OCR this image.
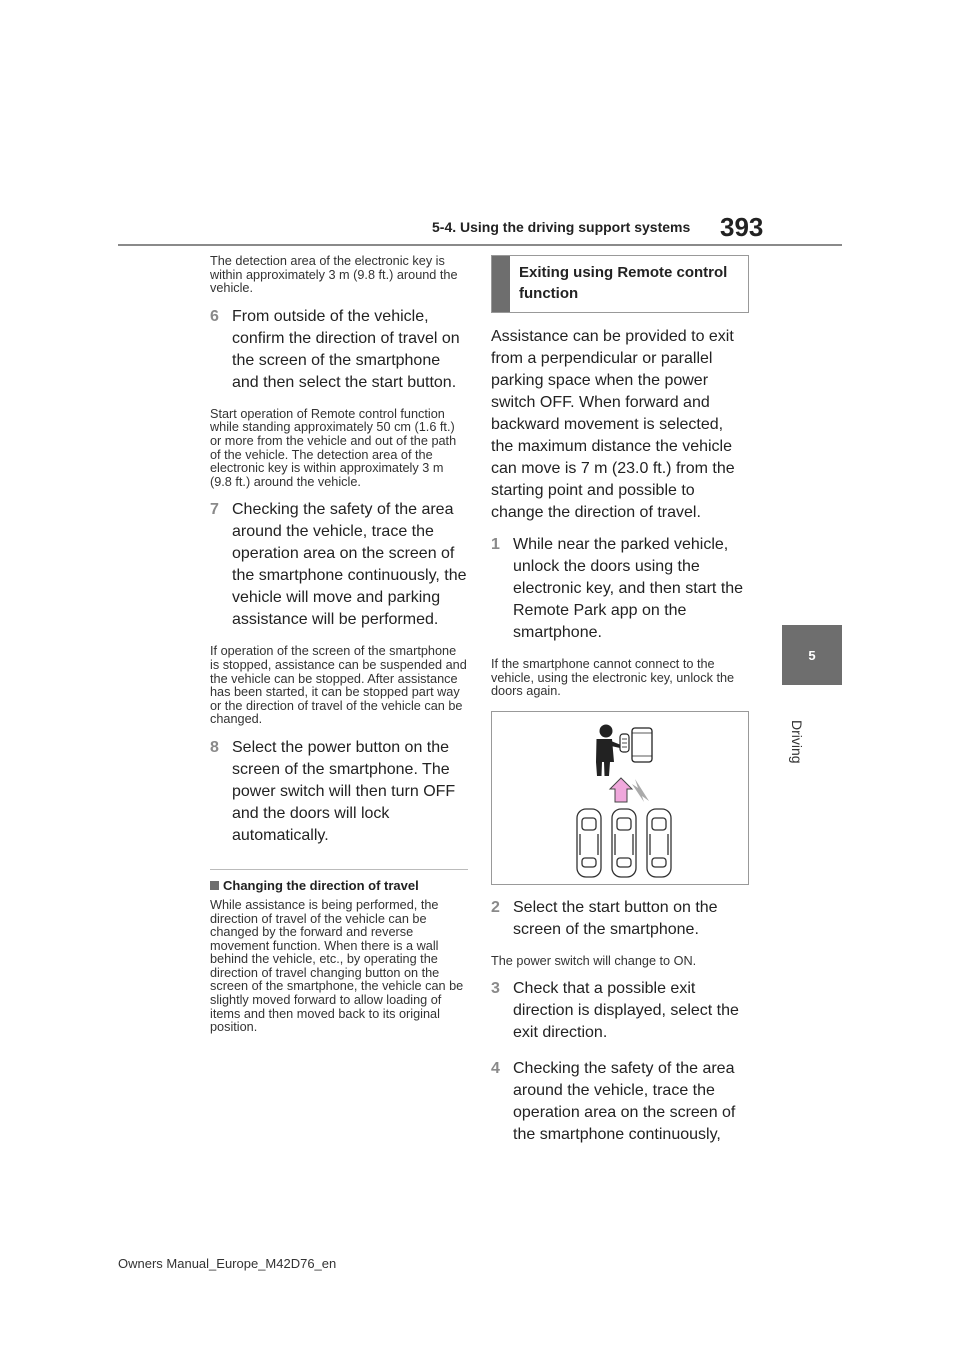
5-4. Using the driving support systems 393
5
Driving

The detection area of the electronic key is within approximately 3 m (9.8 ft.) around the vehicle.

6 From outside of the vehicle, confirm the direction of travel on the screen of the smartphone and then select the start button.

Start operation of Remote control function while standing approximately 50 cm (1.6 ft.) or more from the vehicle and out of the path of the vehicle. The detection area of the electronic key is within approximately 3 m (9.8 ft.) around the vehicle.

7 Checking the safety of the area around the vehicle, trace the operation area on the screen of the smartphone continuously, the vehicle will move and parking assistance will be performed.

If operation of the screen of the smartphone is stopped, assistance can be suspended and the vehicle can be stopped. After assistance has been started, it can be stopped part way or the direction of travel of the vehicle can be changed.

8 Select the power button on the screen of the smartphone. The power switch will then turn OFF and the doors will lock automatically.
Changing the direction of travel

While assistance is being performed, the direction of travel of the vehicle can be changed by the forward and reverse movement function. When there is a wall behind the vehicle, etc., by operating the direction of travel changing button on the screen of the smartphone, the vehicle can be slightly moved forward to allow loading of items and then moved back to its original position.

Exiting using Remote control function

Assistance can be provided to exit from a perpendicular or parallel parking space when the power switch OFF. When forward and backward movement is selected, the maximum distance the vehicle can move is 7 m (23.0 ft.) from the starting point and possible to change the direction of travel.

1 While near the parked vehicle, unlock the doors using the electronic key, and then start the Remote Park app on the smartphone.

If the smartphone cannot connect to the vehicle, using the electronic key, unlock the doors again.

2 Select the start button on the screen of the smartphone.

The power switch will change to ON.

3 Check that a possible exit direction is displayed, select the exit direction.
4 Checking the safety of the area around the vehicle, trace the operation area on the screen of the smartphone continuously,
Owners Manual_Europe_M42D76_en
